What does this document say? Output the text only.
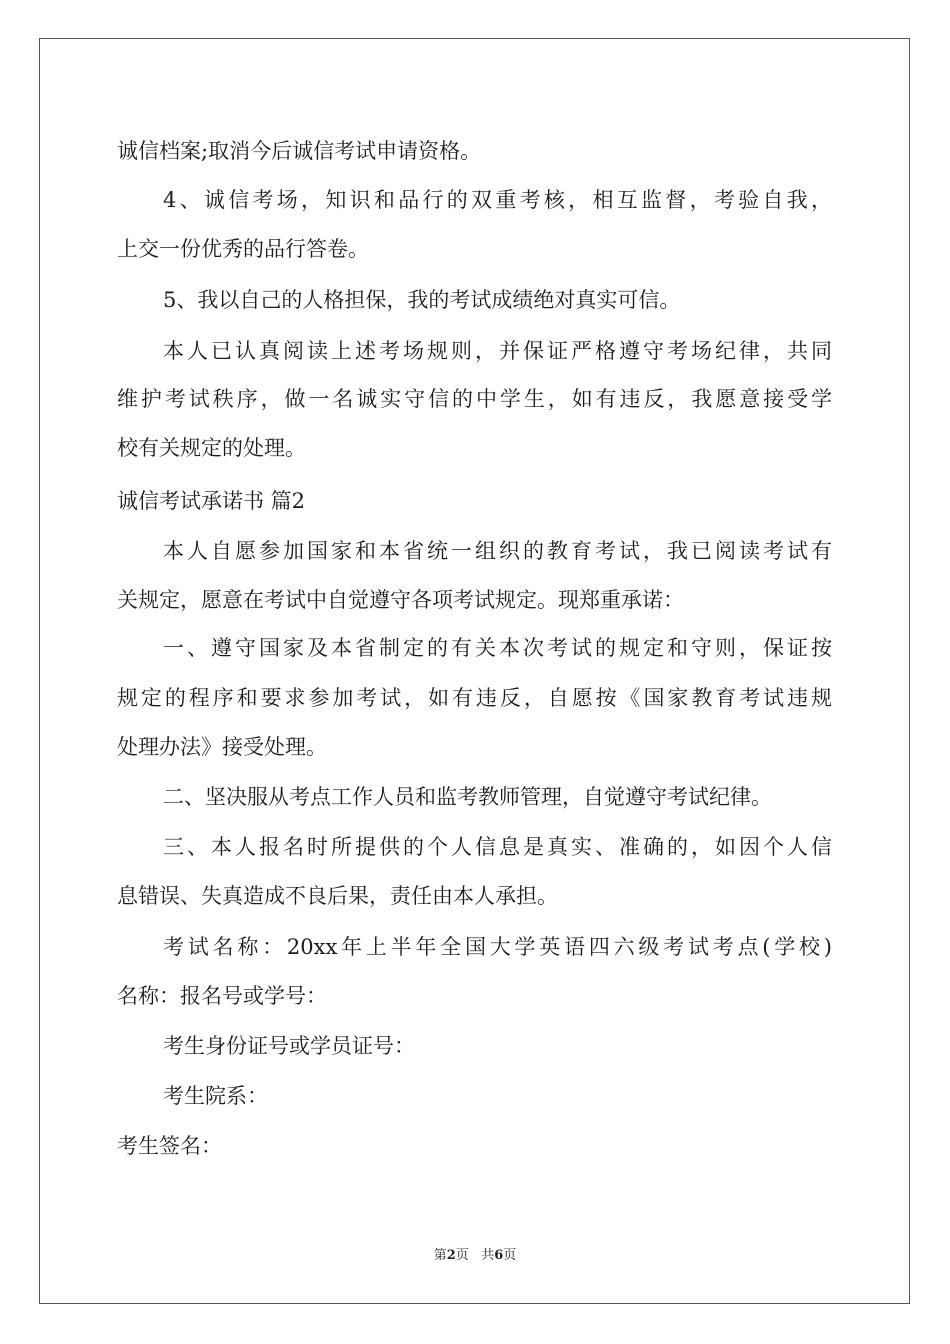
诚信档案;取消今后诚信考试申请资格。
4、诚信考场，知识和品行的双重考核，相互监督，考验自我，
上交一份优秀的品行答卷。
5、我以自己的人格担保，我的考试成绩绝对真实可信。
本人已认真阅读上述考场规则，并保证严格遵守考场纪律，共同
维护考试秩序，做一名诚实守信的中学生，如有违反，我愿意接受学
校有关规定的处理。
诚信考试承诺书 篇2
本人自愿参加国家和本省统一组织的教育考试，我已阅读考试有
关规定，愿意在考试中自觉遵守各项考试规定。现郑重承诺：
一、遵守国家及本省制定的有关本次考试的规定和守则，保证按
规定的程序和要求参加考试，如有违反，自愿按《国家教育考试违规
处理办法》接受处理。
二、坚决服从考点工作人员和监考教师管理，自觉遵守考试纪律。
三、本人报名时所提供的个人信息是真实、准确的，如因个人信
息错误、失真造成不良后果，责任由本人承担。
考试名称：20xx年上半年全国大学英语四六级考试考点(学校)
名称：报名号或学号：
考生身份证号或学员证号：
考生院系：
考生签名：
第2页 共6页
